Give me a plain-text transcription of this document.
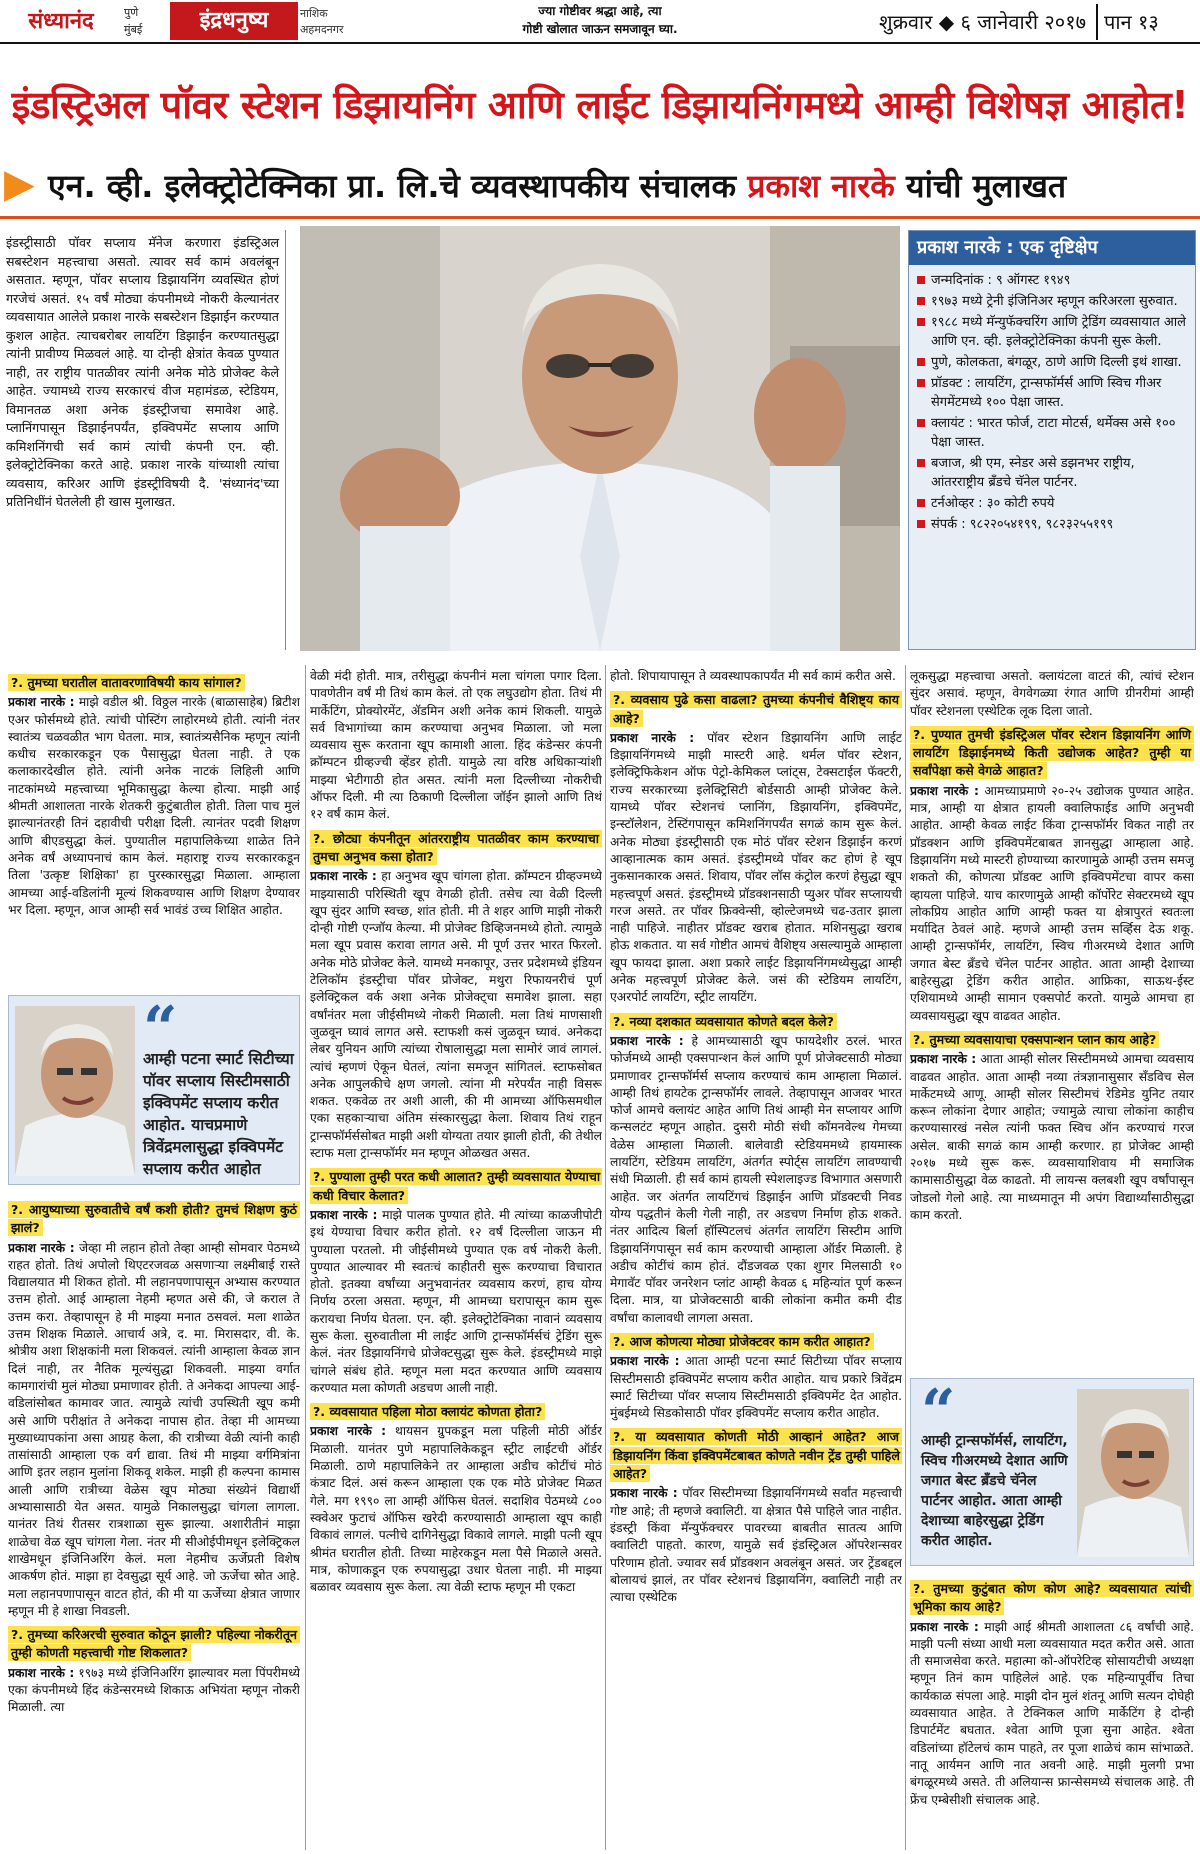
संध्यानंद	पुणे
मुंबई	इंद्रधनुष्य	नाशिक
अहमदनगर
ज्या गोष्टीवर श्रद्धा आहे, त्या
गोष्टी खोलात जाऊन समजावून घ्या.	शुक्रवार ◆ ६ जानेवारी २०१७ पान १३
इंडस्ट्रिअल पॉवर स्टेशन डिझायनिंग आणि लाईट डिझायनिंगमध्ये आम्ही विशेषज्ञ आहोत!
▶ एन. व्ही. इलेक्ट्रोटेक्निका प्रा. लि.चे व्यवस्थापकीय संचालक प्रकाश नारके यांची मुलाखत
इंडस्ट्रीसाठी पॉवर सप्लाय मॅनेज करणारा इंडस्ट्रिअल सबस्टेशन महत्त्वाचा असतो. त्यावर सर्व कामं अवलंबून असतात. म्हणून, पॉवर सप्लाय डिझायनिंग व्यवस्थित होणं गरजेचं असतं. १५ वर्षं मोठ्या कंपनीमध्ये नोकरी केल्यानंतर व्यवसायात आलेले प्रकाश नारके सबस्टेशन डिझाईन करण्यात कुशल आहेत. त्याचबरोबर लायटिंग डिझाईन करण्यातसुद्धा त्यांनी प्रावीण्य मिळवलं आहे. या दोन्ही क्षेत्रांत केवळ पुण्यात नाही, तर राष्ट्रीय पातळीवर त्यांनी अनेक मोठे प्रोजेक्ट केले आहेत. ज्यामध्ये राज्य सरकारचं वीज महामंडळ, स्टेडियम, विमानतळ अशा अनेक इंडस्ट्रीजचा समावेश आहे. प्लानिंगपासून डिझाईनपर्यंत, इक्विपमेंट सप्लाय आणि कमिशनिंगची सर्व कामं त्यांची कंपनी एन. व्ही. इलेक्ट्रोटेक्निका करते आहे. प्रकाश नारके यांच्याशी त्यांचा व्यवसाय, करिअर आणि इंडस्ट्रीविषयी दै. 'संध्यानंद'च्या प्रतिनिधींनं घेतलेली ही खास मुलाखत.
प्रकाश नारके : एक दृष्टिक्षेप
जन्मदिनांक : ९ ऑगस्ट १९४९
१९७३ मध्ये ट्रेनी इंजिनिअर म्हणून करिअरला सुरुवात.
१९८८ मध्ये मॅन्युफॅक्चरिंग आणि ट्रेडिंग व्यवसायात आले आणि एन. व्ही. इलेक्ट्रोटेक्निका कंपनी सुरू केली.
पुणे, कोलकता, बंगळूर, ठाणे आणि दिल्ली इथं शाखा.
प्रॉडक्ट : लायटिंग, ट्रान्सफॉर्मर्स आणि स्विच गीअर सेगमेंटमध्ये १०० पेक्षा जास्त.
क्लायंट : भारत फोर्ज, टाटा मोटर्स, थर्मेक्स असे १०० पेक्षा जास्त.
बजाज, श्री एम, स्नेडर असे डझनभर राष्ट्रीय, आंतरराष्ट्रीय ब्रँडचे चॅनेल पार्टनर.
टर्नओव्हर : ३० कोटी रुपये
संपर्क : ९८२२०५४१९९, ९८२३२५५१९९
?. तुमच्या घरातील वातावरणाविषयी काय सांगाल?

प्रकाश नारके : माझे वडील श्री. विठ्ठल नारके (बाळासाहेब) ब्रिटीश एअर फोर्समध्ये होते. त्यांची पोस्टिंग लाहोरमध्ये होती. त्यांनी नंतर स्वातंत्र्य चळवळीत भाग घेतला. मात्र, स्वातंत्र्यसैनिक म्हणून त्यांनी कधीच सरकारकडून एक पैसासुद्धा घेतला नाही. ते एक कलाकारदेखील होते. त्यांनी अनेक नाटकं लिहिली आणि नाटकांमध्ये महत्त्वाच्या भूमिकासुद्धा केल्या होत्या. माझी आई श्रीमती आशालता नारके शेतकरी कुटुंबातील होती. तिला पाच मुलं झाल्यानंतरही तिनं दहावीची परीक्षा दिली. त्यानंतर पदवी शिक्षण आणि बीएडसुद्धा केलं. पुण्यातील महापालिकेच्या शाळेत तिने अनेक वर्षं अध्यापनाचं काम केलं. महाराष्ट्र राज्य सरकारकडून तिला 'उत्कृष्ट शिक्षिका' हा पुरस्कारसुद्धा मिळाला. आम्हाला आमच्या आई-वडिलांनी मूल्यं शिकवण्यास आणि शिक्षण देण्यावर भर दिला. म्हणून, आज आम्ही सर्व भावंडं उच्च शिक्षित आहोत.

“
आम्ही पटना स्मार्ट सिटीच्या पॉवर सप्लाय सिस्टीमसाठी इक्विपमेंट सप्लाय करीत आहोत. याचप्रमाणे त्रिवेंद्रमलासुद्धा इक्विपमेंट सप्लाय करीत आहोत
?. आयुष्याच्या सुरुवातीचे वर्षं कशी होती? तुमचं शिक्षण कुठं झालं?

प्रकाश नारके : जेव्हा मी लहान होतो तेव्हा आम्ही सोमवार पेठमध्ये राहत होतो. तिथं अपोलो थिएटरजवळ असणाऱ्या लक्ष्मीबाई रास्ते विद्यालयात मी शिकत होतो. मी लहानपणापासून अभ्यास करण्यात उत्तम होतो. आई आम्हाला नेहमी म्हणत असे की, जे कराल ते उत्तम करा. तेव्हापासून हे मी माझ्या मनात ठसवलं. मला शाळेत उत्तम शिक्षक मिळाले. आचार्य अत्रे, द. मा. मिरासदार, वी. के. श्रोत्रीय अशा शिक्षकांनी मला शिकवलं. त्यांनी आम्हाला केवळ ज्ञान दिलं नाही, तर नैतिक मूल्यंसुद्धा शिकवली. माझ्या वर्गात कामगारांची मुलं मोठ्या प्रमाणावर होती. ते अनेकदा आपल्या आई-वडिलांसोबत कामावर जात. त्यामुळे त्यांची उपस्थिती खूप कमी असे आणि परीक्षांत ते अनेकदा नापास होत. तेव्हा मी आमच्या मुख्याध्यापकांना असा आग्रह केला, की रात्रीच्या वेळी त्यांनी काही तासांसाठी आम्हाला एक वर्ग द्यावा. तिथं मी माझ्या वर्गमित्रांना आणि इतर लहान मुलांना शिकवू शकेल. माझी ही कल्पना कामास आली आणि रात्रीच्या वेळेस खूप मोठ्या संख्येनं विद्यार्थी अभ्यासासाठी येत असत. यामुळे निकालसुद्धा चांगला लागला. यानंतर तिथं रीतसर रात्रशाळा सुरू झाल्या. अशारीतीनं माझा शाळेचा वेळ खूप चांगला गेला. नंतर मी सीओईपीमधून इलेक्ट्रिकल शाखेमधून इंजिनिअरिंग केलं. मला नेहमीच ऊर्जेप्रती विशेष आकर्षण होतं. माझा हा देवसुद्धा सूर्य आहे. जो ऊर्जेचा स्रोत आहे. मला लहानपणापासून वाटत होतं, की मी या ऊर्जेच्या क्षेत्रात जाणार म्हणून मी हे शाखा निवडली.

?. तुमच्या करिअरची सुरुवात कोठून झाली? पहिल्या नोकरीतून तुम्ही कोणती महत्त्वाची गोष्ट शिकलात?

प्रकाश नारके : १९७३ मध्ये इंजिनिअरिंग झाल्यावर मला पिंपरीमध्ये एका कंपनीमध्ये हिंद कंडेन्सरमध्ये शिकाऊ अभियंता म्हणून नोकरी मिळाली. त्या

वेळी मंदी होती. मात्र, तरीसुद्धा कंपनीनं मला चांगला पगार दिला. पावणेतीन वर्षं मी तिथं काम केलं. तो एक लघुउद्योग होता. तिथं मी मार्केटिंग, प्रोक्योरमेंट, ॲडमिन अशी अनेक कामं शिकली. यामुळे सर्व विभागांच्या काम करण्याचा अनुभव मिळाला. जो मला व्यवसाय सुरू करताना खूप कामाशी आला. हिंद कंडेन्सर कंपनी क्रॉम्पटन ग्रीव्हज्ची व्हेंडर होती. यामुळे त्या वरिष्ठ अधिकाऱ्यांशी माझ्या भेटीगाठी होत असत. त्यांनी मला दिल्लीच्या नोकरीची ऑफर दिली. मी त्या ठिकाणी दिल्लीला जॉईन झालो आणि तिथं १२ वर्षं काम केलं.

?. छोट्या कंपनीतून आंतरराष्ट्रीय पातळीवर काम करण्याचा तुमचा अनुभव कसा होता?

प्रकाश नारके : हा अनुभव खूप चांगला होता. क्रॉम्पटन ग्रीव्हज्मध्ये माझ्यासाठी परिस्थिती खूप वेगळी होती. तसेच त्या वेळी दिल्ली खूप सुंदर आणि स्वच्छ, शांत होती. मी ते शहर आणि माझी नोकरी दोन्ही गोष्टी एन्जॉय केल्या. मी प्रोजेक्ट डिव्हिजनमध्ये होतो. त्यामुळे मला खूप प्रवास करावा लागत असे. मी पूर्ण उत्तर भारत फिरलो. अनेक मोठे प्रोजेक्ट केले. यामध्ये मनकापूर, उत्तर प्रदेशमध्ये इंडियन टेलिकॉम इंडस्ट्रीचा पॉवर प्रोजेक्ट, मथुरा रिफायनरीचं पूर्ण इलेक्ट्रिकल वर्क अशा अनेक प्रोजेक्ट्चा समावेश झाला. सहा वर्षांनंतर मला जीईसीमध्ये नोकरी मिळाली. मला तिथं माणसाशी जुळवून घ्यावं लागत असे. स्टाफशी कसं जुळवून घ्यावं. अनेकदा लेबर युनियन आणि त्यांच्या रोषालासुद्धा मला सामोरं जावं लागलं. त्यांचं म्हणणं ऐकून घेतलं, त्यांना समजून सांगितलं. स्टाफसोबत अनेक आपुलकीचे क्षण जगलो. त्यांना मी मरेपर्यंत नाही विसरू शकत. एकवेळ तर अशी आली, की मी आमच्या ऑफिसमधील एका सहकाऱ्याचा अंतिम संस्कारसुद्धा केला. शिवाय तिथं राहून ट्रान्सफॉर्मर्ससोबत माझी अशी योग्यता तयार झाली होती, की तेथील स्टाफ मला ट्रान्सफॉर्मर मन म्हणून ओळखत असत.

?. पुण्याला तुम्ही परत कधी आलात? तुम्ही व्यवसायात येण्याचा कधी विचार केलात?

प्रकाश नारके : माझे पालक पुण्यात होते. मी त्यांच्या काळजीपोटी इथं येण्याचा विचार करीत होतो. १२ वर्षं दिल्लीला जाऊन मी पुण्याला परतलो. मी जीईसीमध्ये पुण्यात एक वर्ष नोकरी केली. पुण्यात आल्यावर मी स्वतःचं काहीतरी सुरू करण्याचा विचारात होतो. इतक्या वर्षांच्या अनुभवानंतर व्यवसाय करणं, हाच योग्य निर्णय ठरला असता. म्हणून, मी आमच्या घरापासून काम सुरू करायचा निर्णय घेतला. एन. व्ही. इलेक्ट्रोटेक्निका नावानं व्यवसाय सुरू केला. सुरुवातीला मी लाईट आणि ट्रान्सफॉर्मर्सचं ट्रेडिंग सुरू केलं. नंतर डिझायनिंगचे प्रोजेक्टसुद्धा सुरू केले. इंडस्ट्रीमध्ये माझे चांगले संबंध होते. म्हणून मला मदत करण्यात आणि व्यवसाय करण्यात मला कोणती अडचण आली नाही.

?. व्यवसायात पहिला मोठा क्लायंट कोणता होता?

प्रकाश नारके : थायसन ग्रुपकडून मला पहिली मोठी ऑर्डर मिळाली. यानंतर पुणे महापालिकेकडून स्ट्रीट लाईटची ऑर्डर मिळाली. ठाणे महापालिकेने तर आम्हाला अडीच कोटींचं मोठं कंत्राट दिलं. असं करून आम्हाला एक एक मोठे प्रोजेक्ट मिळत गेले. मग १९९० ला आम्ही ऑफिस घेतलं. सदाशिव पेठमध्ये ८०० स्क्वेअर फुटाचं ऑफिस खरेदी करण्यासाठी आम्हाला खूप काही विकावं लागलं. पत्नीचे दागिनेसुद्धा विकावे लागले. माझी पत्नी खूप श्रीमंत घरातील होती. तिच्या माहेरकडून मला पैसे मिळाले असते. मात्र, कोणाकडून एक रुपयासुद्धा उधार घेतला नाही. मी माझ्या बळावर व्यवसाय सुरू केला. त्या वेळी स्टाफ म्हणून मी एकटा

होतो. शिपायापासून ते व्यवस्थापकापर्यंत मी सर्व कामं करीत असे.

?. व्यवसाय पुढे कसा वाढला? तुमच्या कंपनीचं वैशिष्ट्य काय आहे?

प्रकाश नारके : पॉवर स्टेशन डिझायनिंग आणि लाईट डिझायनिंगमध्ये माझी मास्टरी आहे. थर्मल पॉवर स्टेशन, इलेक्ट्रिफिकेशन ऑफ पेट्रो-केमिकल प्लांट्स, टेक्सटाईल फॅक्टरी, राज्य सरकारच्या इलेक्ट्रिसिटी बोर्डसाठी आम्ही प्रोजेक्ट केले. यामध्ये पॉवर स्टेशनचं प्लानिंग, डिझायनिंग, इक्विपमेंट, इन्स्टॉलेशन, टेस्टिंगपासून कमिशनिंगपर्यंत सगळं काम सुरू केलं. अनेक मोठ्या इंडस्ट्रीसाठी एक मोठं पॉवर स्टेशन डिझाईन करणं आव्हानात्मक काम असतं. इंडस्ट्रीमध्ये पॉवर कट होणं हे खूप नुकसानकारक असतं. शिवाय, पॉवर लॉस कंट्रोल करणं हेसुद्धा खूप महत्त्वपूर्ण असतं. इंडस्ट्रीमध्ये प्रॉडक्शनसाठी प्युअर पॉवर सप्लायची गरज असते. तर पॉवर फ्रिक्वेन्सी, व्होल्टेजमध्ये चढ-उतार झाला नाही पाहिजे. नाहीतर प्रॉडक्ट खराब होतात. मशिनसुद्धा खराब होऊ शकतात. या सर्व गोष्टीत आमचं वैशिष्ट्य असल्यामुळे आम्हाला खूप फायदा झाला. अशा प्रकारे लाईट डिझायनिंगमध्येसुद्धा आम्ही अनेक महत्त्वपूर्ण प्रोजेक्ट केले. जसं की स्टेडियम लायटिंग, एअरपोर्ट लायटिंग, स्ट्रीट लायटिंग.

?. नव्या दशकात व्यवसायात कोणते बदल केले?

प्रकाश नारके : हे आमच्यासाठी खूप फायदेशीर ठरलं. भारत फोर्जमध्ये आम्ही एक्सपान्शन केलं आणि पूर्ण प्रोजेक्टसाठी मोठ्या प्रमाणावर ट्रान्सफॉर्मर्स सप्लाय करण्याचं काम आम्हाला मिळालं. आम्ही तिथं हायटेक ट्रान्सफॉर्मर लावले. तेव्हापासून आजवर भारत फोर्ज आमचे क्लायंट आहेत आणि तिथं आम्ही मेन सप्लायर आणि कन्सलटंट म्हणून आहोत. दुसरी मोठी संधी कॉमनवेल्थ गेमच्या वेळेस आम्हाला मिळाली. बालेवाडी स्टेडियममध्ये हायमास्क लायटिंग, स्टेडियम लायटिंग, अंतर्गत स्पोर्ट्स लायटिंग लावण्याची संधी मिळाली. ही सर्व कामं हायली स्पेशलाइज्ड विभागात असणारी आहेत. जर अंतर्गत लायटिंगचं डिझाईन आणि प्रॉडक्टची निवड योग्य पद्धतीनं केली गेली नाही, तर अडचण निर्माण होऊ शकते. नंतर आदित्य बिर्ला हॉस्पिटलचं अंतर्गत लायटिंग सिस्टीम आणि डिझायनिंगपासून सर्व काम करण्याची आम्हाला ऑर्डर मिळाली. हे अडीच कोटींचं काम होतं. दौंडजवळ एका शुगर मिलसाठी १० मेगावॅट पॉवर जनरेशन प्लांट आम्ही केवळ ६ महिन्यांत पूर्ण करून दिला. मात्र, या प्रोजेक्टसाठी बाकी लोकांना कमीत कमी दीड वर्षांचा कालावधी लागला असता.

?. आज कोणत्या मोठ्या प्रोजेक्टवर काम करीत आहात?

प्रकाश नारके : आता आम्ही पटना स्मार्ट सिटीच्या पॉवर सप्लाय सिस्टीमसाठी इक्विपमेंट सप्लाय करीत आहोत. याच प्रकारे त्रिवेंद्रम स्मार्ट सिटीच्या पॉवर सप्लाय सिस्टीमसाठी इक्विपमेंट देत आहोत. मुंबईमध्ये सिडकोसाठी पॉवर इक्विपमेंट सप्लाय करीत आहोत.

?. या व्यवसायात कोणती मोठी आव्हानं आहेत? आज डिझायनिंग किंवा इक्विपमेंटबाबत कोणते नवीन ट्रेंड तुम्ही पाहिले आहेत?

प्रकाश नारके : पॉवर सिस्टीमच्या डिझायनिंगमध्ये सर्वांत महत्त्वाची गोष्ट आहे; ती म्हणजे क्वालिटी. या क्षेत्रात पैसे पाहिले जात नाहीत. इंडस्ट्री किंवा मॅन्युफॅक्चरर पावरच्या बाबतीत सातत्य आणि क्वालिटी पाहतो. कारण, यामुळे सर्व इंडस्ट्रिअल ऑपरेशन्सवर परिणाम होतो. ज्यावर सर्व प्रॉडक्शन अवलंबून असतं. जर ट्रेंडबद्दल बोलायचं झालं, तर पॉवर स्टेशनचं डिझायनिंग, क्वालिटी नाही तर त्याचा एस्थेटिक

लूकसुद्धा महत्त्वाचा असतो. क्लायंटला वाटतं की, त्यांचं स्टेशन सुंदर असावं. म्हणून, वेगवेगळ्या रंगात आणि ग्रीनरीमां आम्ही पॉवर स्टेशनला एस्थेटिक लूक दिला जातो.

?. पुण्यात तुमची इंडस्ट्रिअल पॉवर स्टेशन डिझायनिंग आणि लायटिंग डिझाईनमध्ये किती उद्योजक आहेत? तुम्ही या सर्वांपेक्षा कसे वेगळे आहात?

प्रकाश नारके : आमच्याप्रमाणे २०-२५ उद्योजक पुण्यात आहेत. मात्र, आम्ही या क्षेत्रात हायली क्वालिफाईड आणि अनुभवी आहोत. आम्ही केवळ लाईट किंवा ट्रान्सफॉर्मर विकत नाही तर प्रॉडक्शन आणि इक्विपमेंटबाबत ज्ञानसुद्धा आम्हाला आहे. डिझायनिंग मध्ये मास्टरी होण्याच्या कारणामुळे आम्ही उत्तम समजू शकतो की, कोणत्या प्रॉडक्ट आणि इक्विपमेंटचा वापर कसा व्हायला पाहिजे. याच कारणामुळे आम्ही कॉर्पोरेट सेक्टरमध्ये खूप लोकप्रिय आहोत आणि आम्ही फक्त या क्षेत्रापुरतं स्वतःला मर्यादित ठेवलं आहे. म्हणजे आम्ही उत्तम सर्व्हिस देऊ शकू. आम्ही ट्रान्सफॉर्मर, लायटिंग, स्विच गीअरमध्ये देशात आणि जगात बेस्ट ब्रँडचे चॅनेल पार्टनर आहोत. आता आम्ही देशाच्या बाहेरसुद्धा ट्रेडिंग करीत आहोत. आफ्रिका, साऊथ-ईस्ट एशियामध्ये आम्ही सामान एक्सपोर्ट करतो. यामुळे आमचा हा व्यवसायसुद्धा खूप वाढवत आहोत.

?. तुमच्या व्यवसायाचा एक्सपान्शन प्लान काय आहे?

प्रकाश नारके : आता आम्ही सोलर सिस्टीममध्ये आमचा व्यवसाय वाढवत आहोत. आता आम्ही नव्या तंत्रज्ञानासुसार सँडविच सेल मार्केटमध्ये आणू. आम्ही सोलर सिस्टीमचं रेडिमेड युनिट तयार करून लोकांना देणार आहोत; ज्यामुळे त्याचा लोकांना काहीच करण्यासारखं नसेल त्यांनी फक्त स्विच ऑन करण्याचं गरज असेल. बाकी सगळं काम आम्ही करणार. हा प्रोजेक्ट आम्ही २०१७ मध्ये सुरू करू. व्यवसायाशिवाय मी समाजिक कामासाठीसुद्धा वेळ काढतो. मी लायन्स क्लबशी खूप वर्षांपासून जोडलो गेलो आहे. त्या माध्यमातून मी अपंग विद्यार्थ्यांसाठीसुद्धा काम करतो.

“
आम्ही ट्रान्सफॉर्मर्स, लायटिंग, स्विच गीअरमध्ये देशात आणि जगात बेस्ट ब्रँडचे चॅनेल पार्टनर आहोत. आता आम्ही देशाच्या बाहेरसुद्धा ट्रेडिंग करीत आहोत.
?. तुमच्या कुटुंबात कोण कोण आहे? व्यवसायात त्यांची भूमिका काय आहे?

प्रकाश नारके : माझी आई श्रीमती आशालता ८६ वर्षांची आहे. माझी पत्नी संध्या आधी मला व्यवसायात मदत करीत असे. आता ती समाजसेवा करते. महात्मा को-ऑपरेटिव्ह सोसायटीची अध्यक्षा म्हणून तिनं काम पाहिलेलं आहे. एक महिन्यापूर्वीच तिचा कार्यकाळ संपला आहे. माझी दोन मुलं शंतनू आणि सत्यन दोघेही व्यवसायात आहेत. ते टेक्निकल आणि मार्केटिंग हे दोन्ही डिपार्टमेंट बघतात. श्वेता आणि पूजा सुना आहेत. श्वेता वडिलांच्या हॉटेलचं काम पाहते, तर पूजा शाळेचं काम सांभाळते. नातू आर्यमन आणि नात अवनी आहे. माझी मुलगी प्रभा बंगळूरमध्ये असते. ती अलियान्स फ्रान्सेसमध्ये संचालक आहे. ती फ्रेंच एम्बेसीशी संचालक आहे.
